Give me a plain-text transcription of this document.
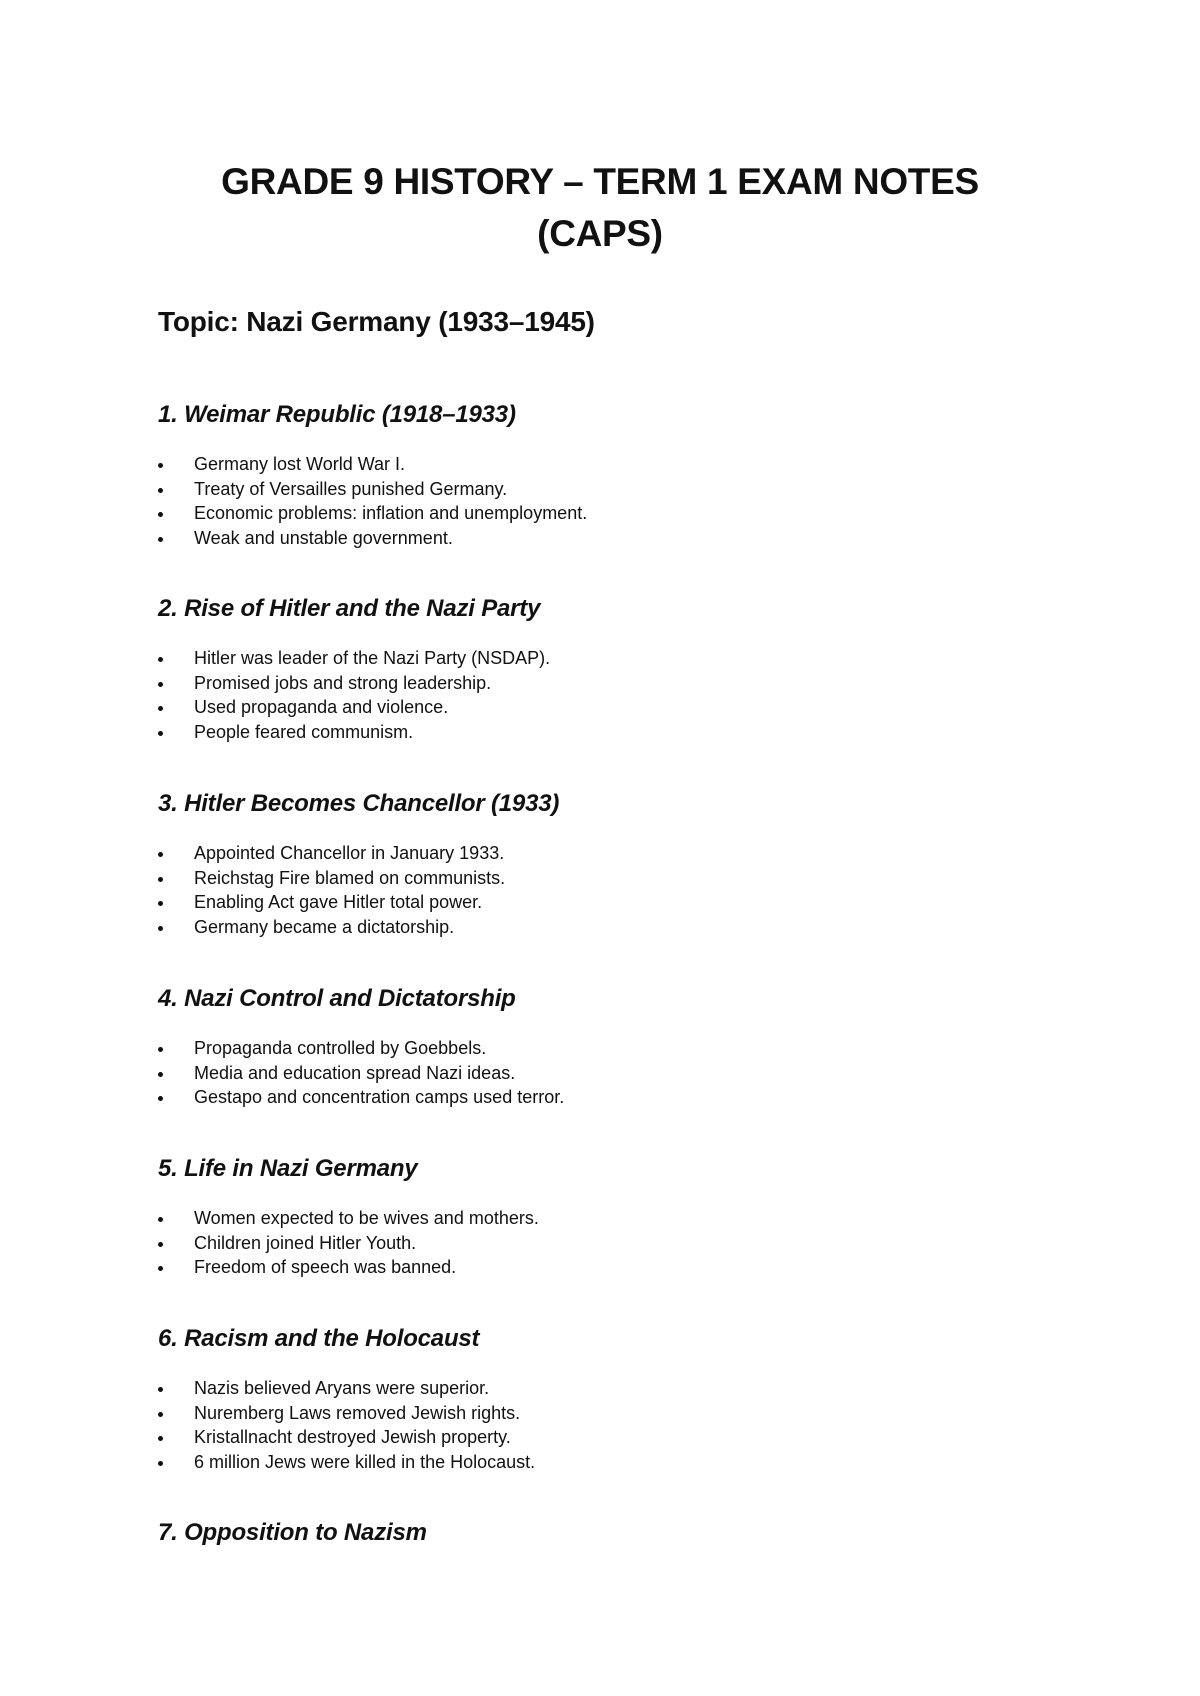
GRADE 9 HISTORY – TERM 1 EXAM NOTES
(CAPS)
Topic: Nazi Germany (1933–1945)
1. Weimar Republic (1918–1933)
Germany lost World War I.
Treaty of Versailles punished Germany.
Economic problems: inflation and unemployment.
Weak and unstable government.
2. Rise of Hitler and the Nazi Party
Hitler was leader of the Nazi Party (NSDAP).
Promised jobs and strong leadership.
Used propaganda and violence.
People feared communism.
3. Hitler Becomes Chancellor (1933)
Appointed Chancellor in January 1933.
Reichstag Fire blamed on communists.
Enabling Act gave Hitler total power.
Germany became a dictatorship.
4. Nazi Control and Dictatorship
Propaganda controlled by Goebbels.
Media and education spread Nazi ideas.
Gestapo and concentration camps used terror.
5. Life in Nazi Germany
Women expected to be wives and mothers.
Children joined Hitler Youth.
Freedom of speech was banned.
6. Racism and the Holocaust
Nazis believed Aryans were superior.
Nuremberg Laws removed Jewish rights.
Kristallnacht destroyed Jewish property.
6 million Jews were killed in the Holocaust.
7. Opposition to Nazism
